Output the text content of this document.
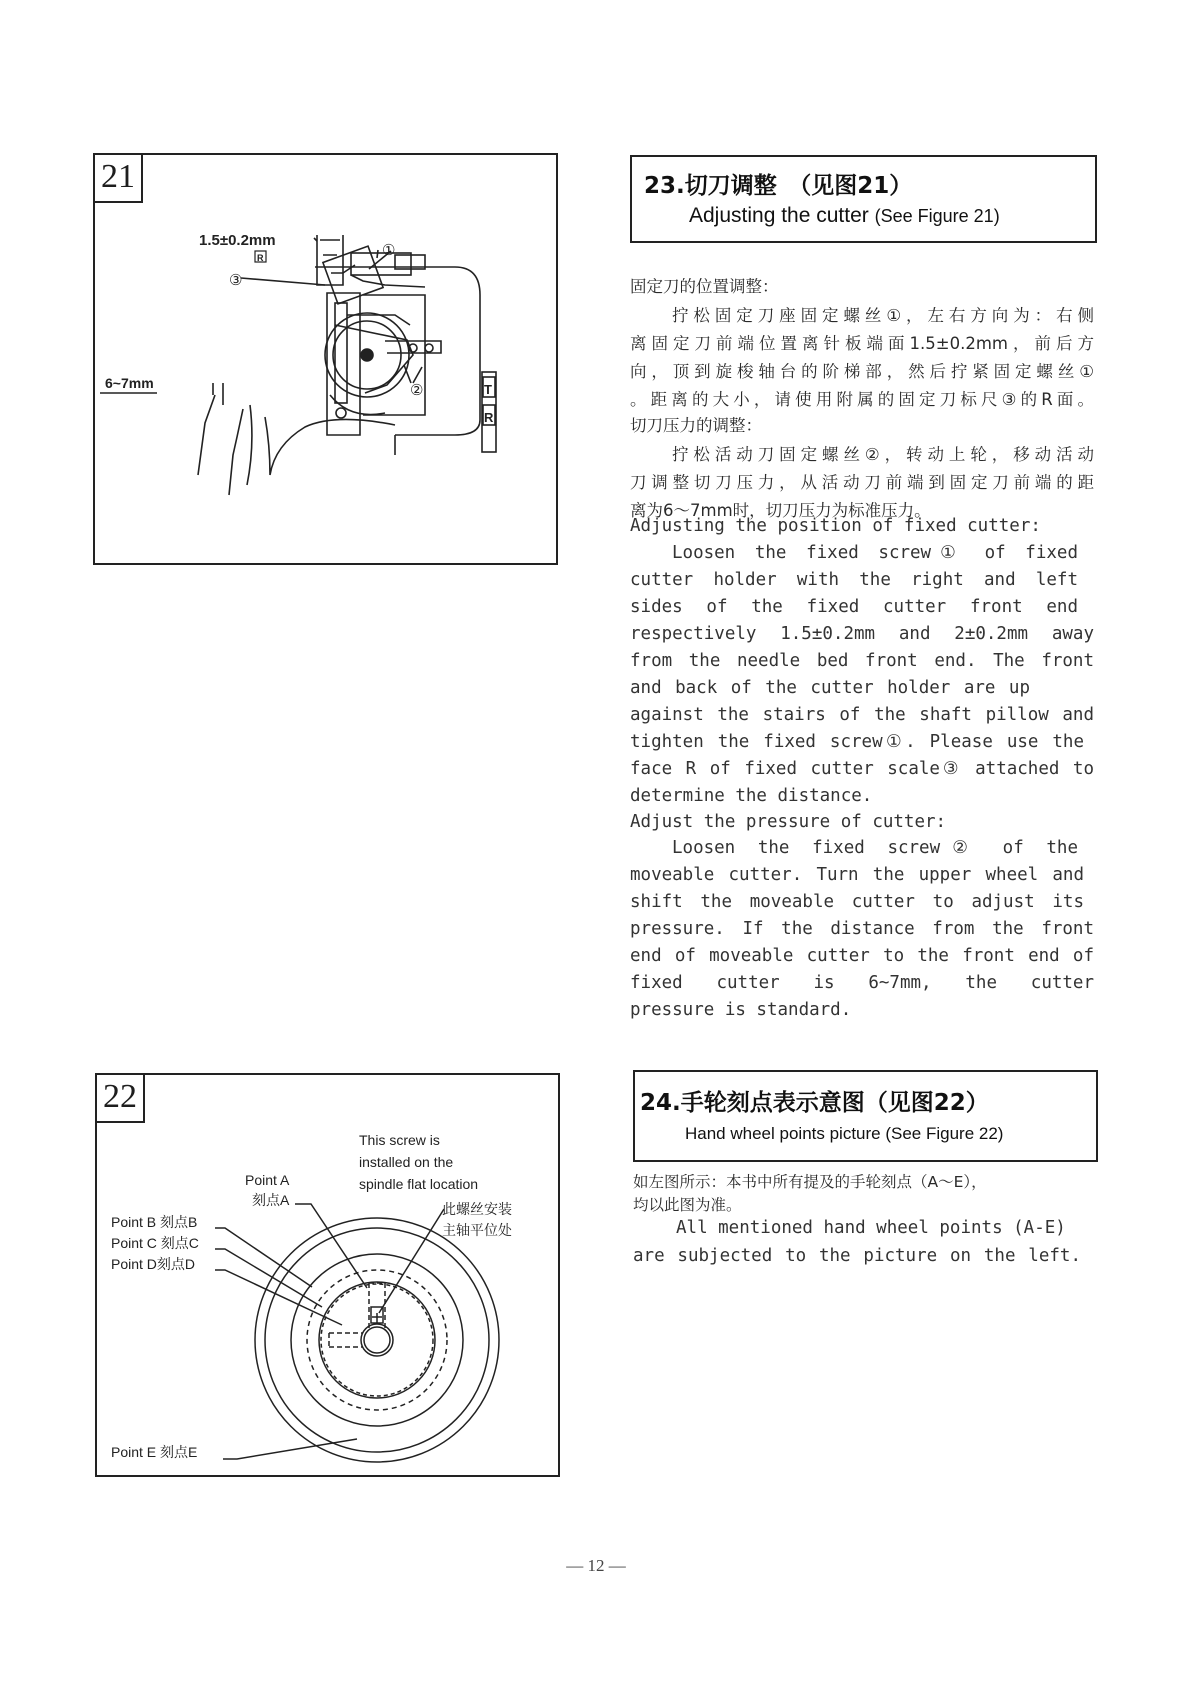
21
1.5±0.2mm
R	①
②
③
6~7mm	T
R
23.切刀调整　（见图21）
Adjusting the cutter (See Figure 21)
固定刀的位置调整：
拧松固定刀座固定螺丝①，左右方向为：右侧
离固定刀前端位置离针板端面1.5±0.2mm，前后方
向，顶到旋梭轴台的阶梯部，然后拧紧固定螺丝①
。距离的大小，请使用附属的固定刀标尺③的R面。
切刀压力的调整：
拧松活动刀固定螺丝②，转动上轮，移动活动
刀调整切刀压力，从活动刀前端到固定刀前端的距
离为6～7mm时，切刀压力为标准压力。
Adjusting the position of fixed cutter:
Loosen the fixed screw① of fixed
cutter holder with the right and left
sides of the fixed cutter front end
respectively 1.5±0.2mm and 2±0.2mm away
from the needle bed front end. The front
and back of the cutter holder are up
against the stairs of the shaft pillow and
tighten the fixed screw①. Please use the
face R of fixed cutter scale③ attached to
determine the distance.
Adjust the pressure of cutter:
Loosen the fixed screw② of the
moveable cutter. Turn the upper wheel and
shift the moveable cutter to adjust its
pressure. If the distance from the front
end of moveable cutter to the front end of
fixed cutter is 6~7mm, the cutter
pressure is standard.
22
This screw is
installed on the
spindle flat location
Point A
刻点A
Point B 刻点B
Point C 刻点C
Point D刻点D
Point E 刻点E
此螺丝安装
主轴平位处
24.手轮刻点表示意图（见图22）
Hand wheel points picture (See Figure 22)
如左图所示：本书中所有提及的手轮刻点（A～E），
均以此图为准。
All mentioned hand wheel points (A-E)
are subjected to the picture on the left.
— 12 —
